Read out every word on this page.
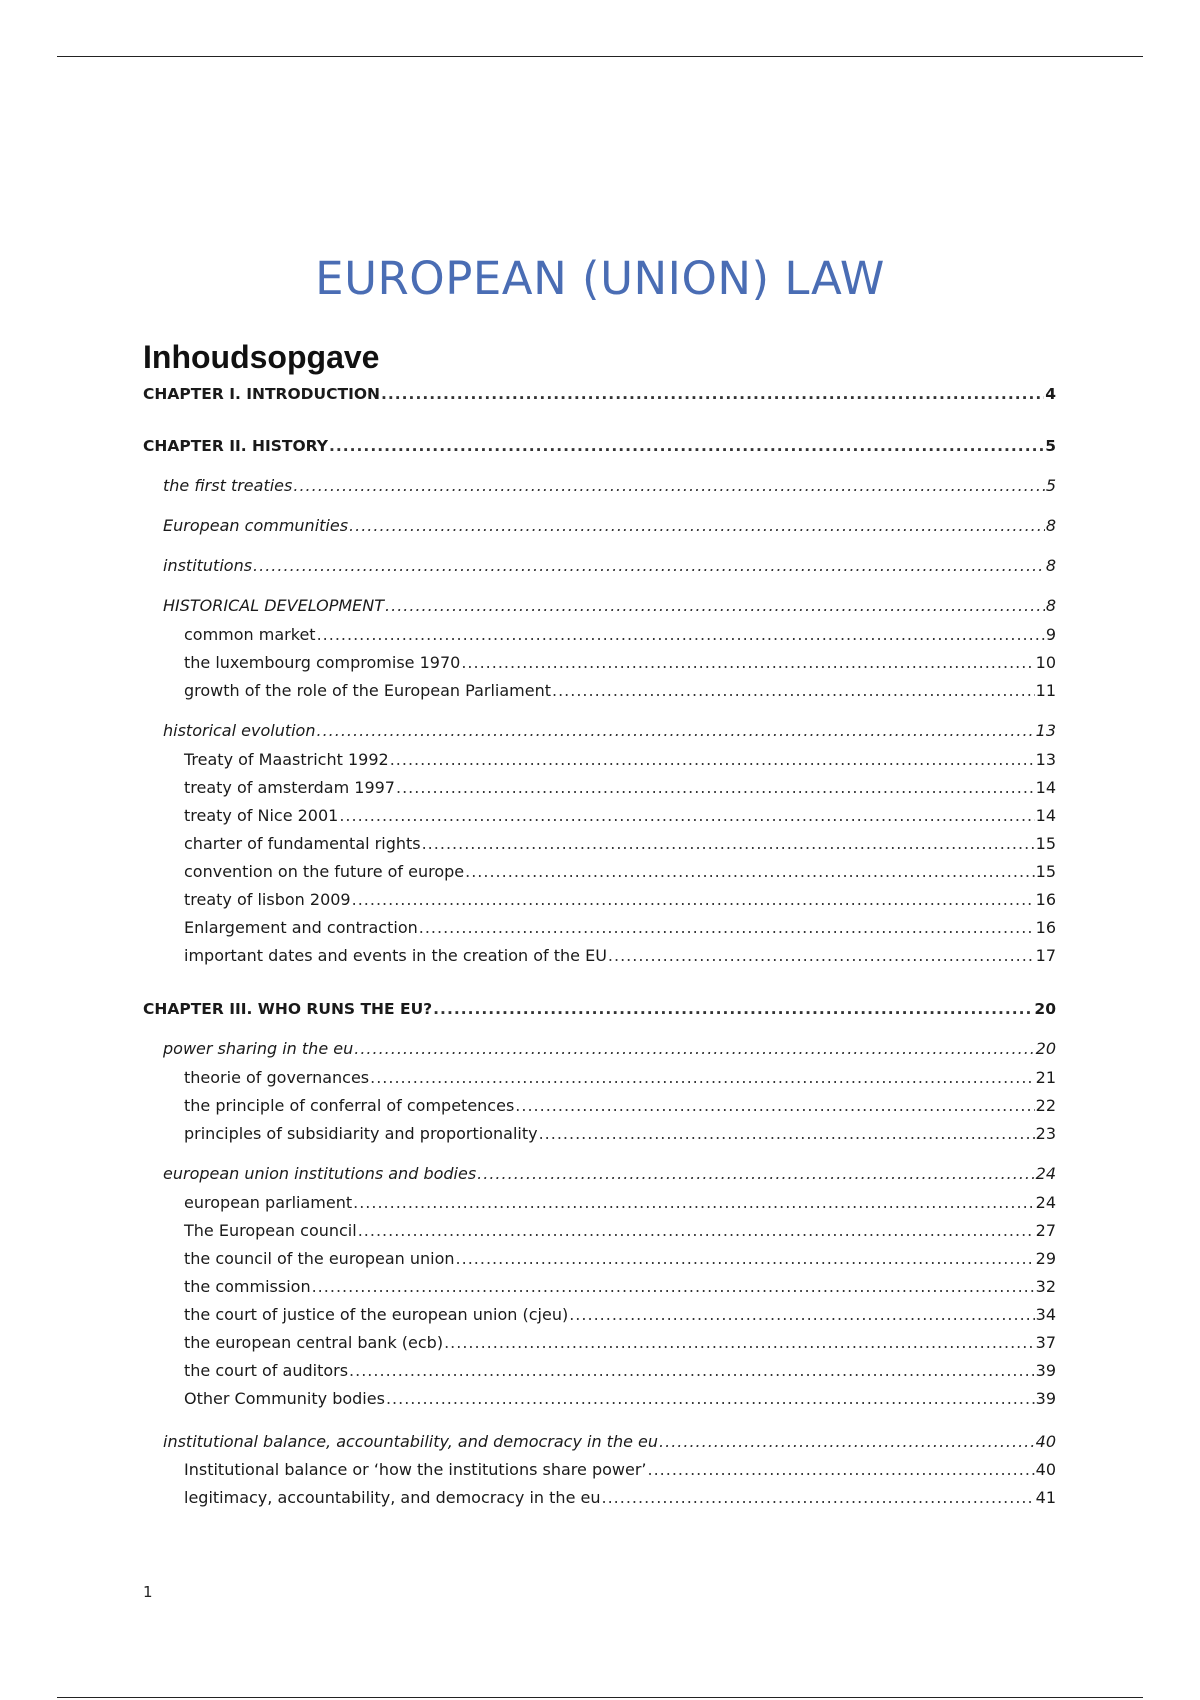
EUROPEAN (UNION) LAW
Inhoudsopgave
CHAPTER I. INTRODUCTION .....	4
CHAPTER II. HISTORY .....	5
the first treaties .....	5
European communities .....	8
institutions .....	8
HISTORICAL DEVELOPMENT .....	8
common market .....	9
the luxembourg compromise 1970 .....	10
growth of the role of the European Parliament .....	11
historical evolution .....	13
Treaty of Maastricht 1992 .....	13
treaty of amsterdam 1997 .....	14
treaty of Nice 2001 .....	14
charter of fundamental rights .....	15
convention on the future of europe .....	15
treaty of lisbon 2009 .....	16
Enlargement and contraction .....	16
important dates and events in the creation of the EU .....	17
CHAPTER III. WHO RUNS THE EU? .....	20
power sharing in the eu .....	20
theorie of governances .....	21
the principle of conferral of competences .....	22
principles of subsidiarity and proportionality .....	23
european union institutions and bodies .....	24
european parliament .....	24
The European council .....	27
the council of the european union .....	29
the commission .....	32
the court of justice of the european union (cjeu) .....	34
the european central bank (ecb) .....	37
the court of auditors .....	39
Other Community bodies .....	39
institutional balance, accountability, and democracy in the eu .....	40
Institutional balance or ‘how the institutions share power’ .....	40
legitimacy, accountability, and democracy in the eu .....	41
1
